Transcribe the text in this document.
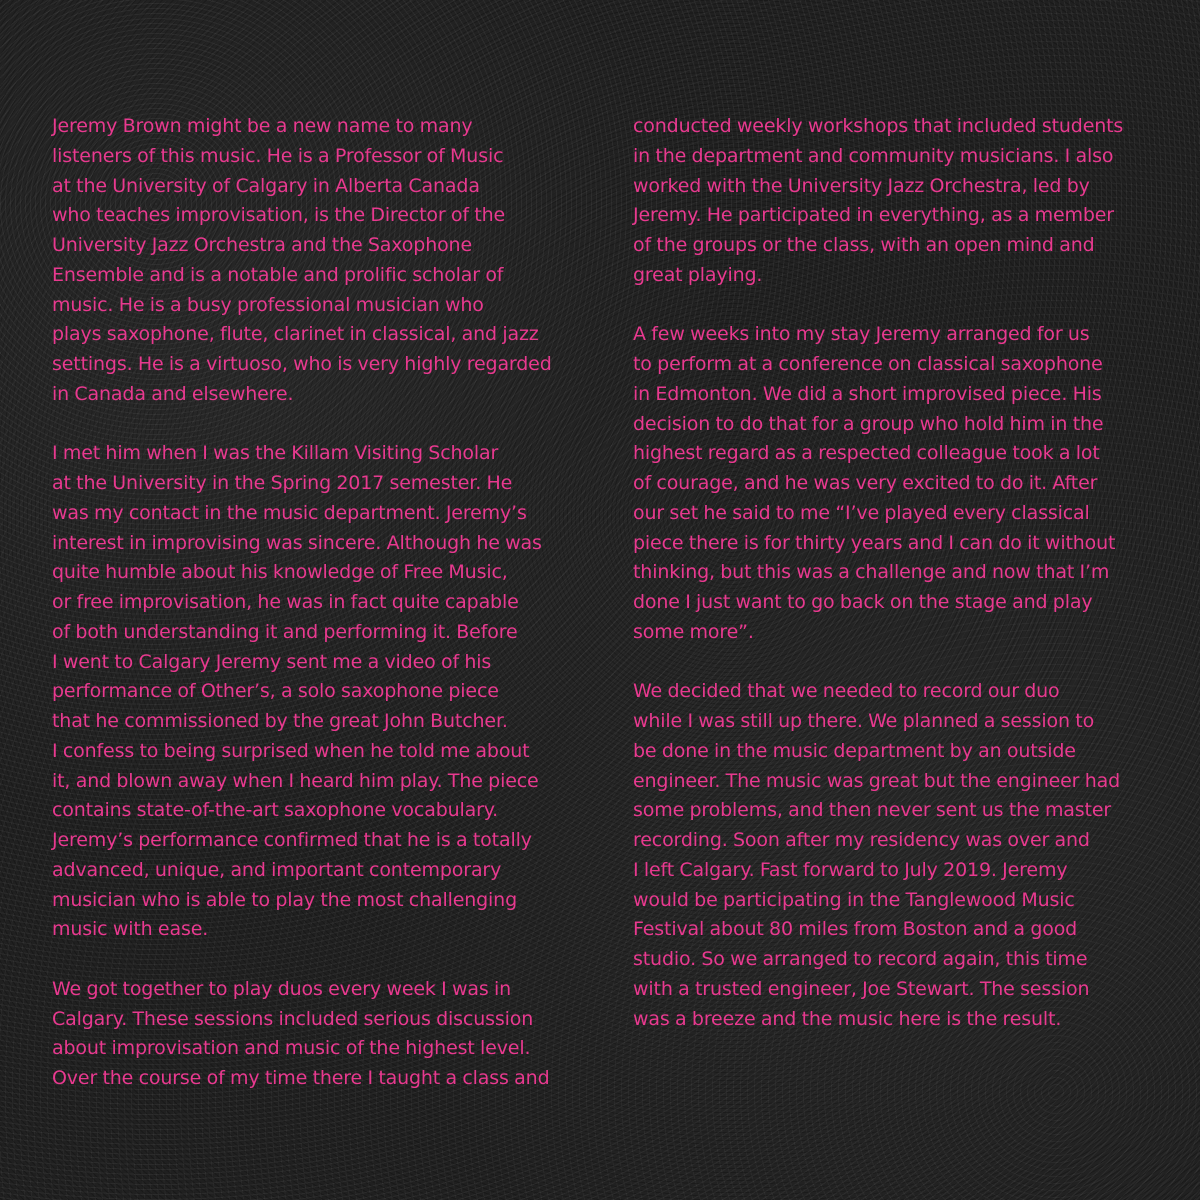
Jeremy Brown might be a new name to many
listeners of this music. He is a Professor of Music
at the University of Calgary in Alberta Canada
who teaches improvisation, is the Director of the
University Jazz Orchestra and the Saxophone
Ensemble and is a notable and prolific scholar of
music. He is a busy professional musician who
plays saxophone, flute, clarinet in classical, and jazz
settings. He is a virtuoso, who is very highly regarded
in Canada and elsewhere.
I met him when I was the Killam Visiting Scholar
at the University in the Spring 2017 semester. He
was my contact in the music department. Jeremy’s
interest in improvising was sincere. Although he was
quite humble about his knowledge of Free Music,
or free improvisation, he was in fact quite capable
of both understanding it and performing it. Before
I went to Calgary Jeremy sent me a video of his
performance of Other’s, a solo saxophone piece
that he commissioned by the great John Butcher.
I confess to being surprised when he told me about
it, and blown away when I heard him play. The piece
contains state-of-the-art saxophone vocabulary.
Jeremy’s performance confirmed that he is a totally
advanced, unique, and important contemporary
musician who is able to play the most challenging
music with ease.
We got together to play duos every week I was in
Calgary. These sessions included serious discussion
about improvisation and music of the highest level.
Over the course of my time there I taught a class and
conducted weekly workshops that included students
in the department and community musicians. I also
worked with the University Jazz Orchestra, led by
Jeremy. He participated in everything, as a member
of the groups or the class, with an open mind and
great playing.
A few weeks into my stay Jeremy arranged for us
to perform at a conference on classical saxophone
in Edmonton. We did a short improvised piece. His
decision to do that for a group who hold him in the
highest regard as a respected colleague took a lot
of courage, and he was very excited to do it. After
our set he said to me “I’ve played every classical
piece there is for thirty years and I can do it without
thinking, but this was a challenge and now that I’m
done I just want to go back on the stage and play
some more”.
We decided that we needed to record our duo
while I was still up there. We planned a session to
be done in the music department by an outside
engineer. The music was great but the engineer had
some problems, and then never sent us the master
recording. Soon after my residency was over and
I left Calgary. Fast forward to July 2019. Jeremy
would be participating in the Tanglewood Music
Festival about 80 miles from Boston and a good
studio. So we arranged to record again, this time
with a trusted engineer, Joe Stewart. The session
was a breeze and the music here is the result.
